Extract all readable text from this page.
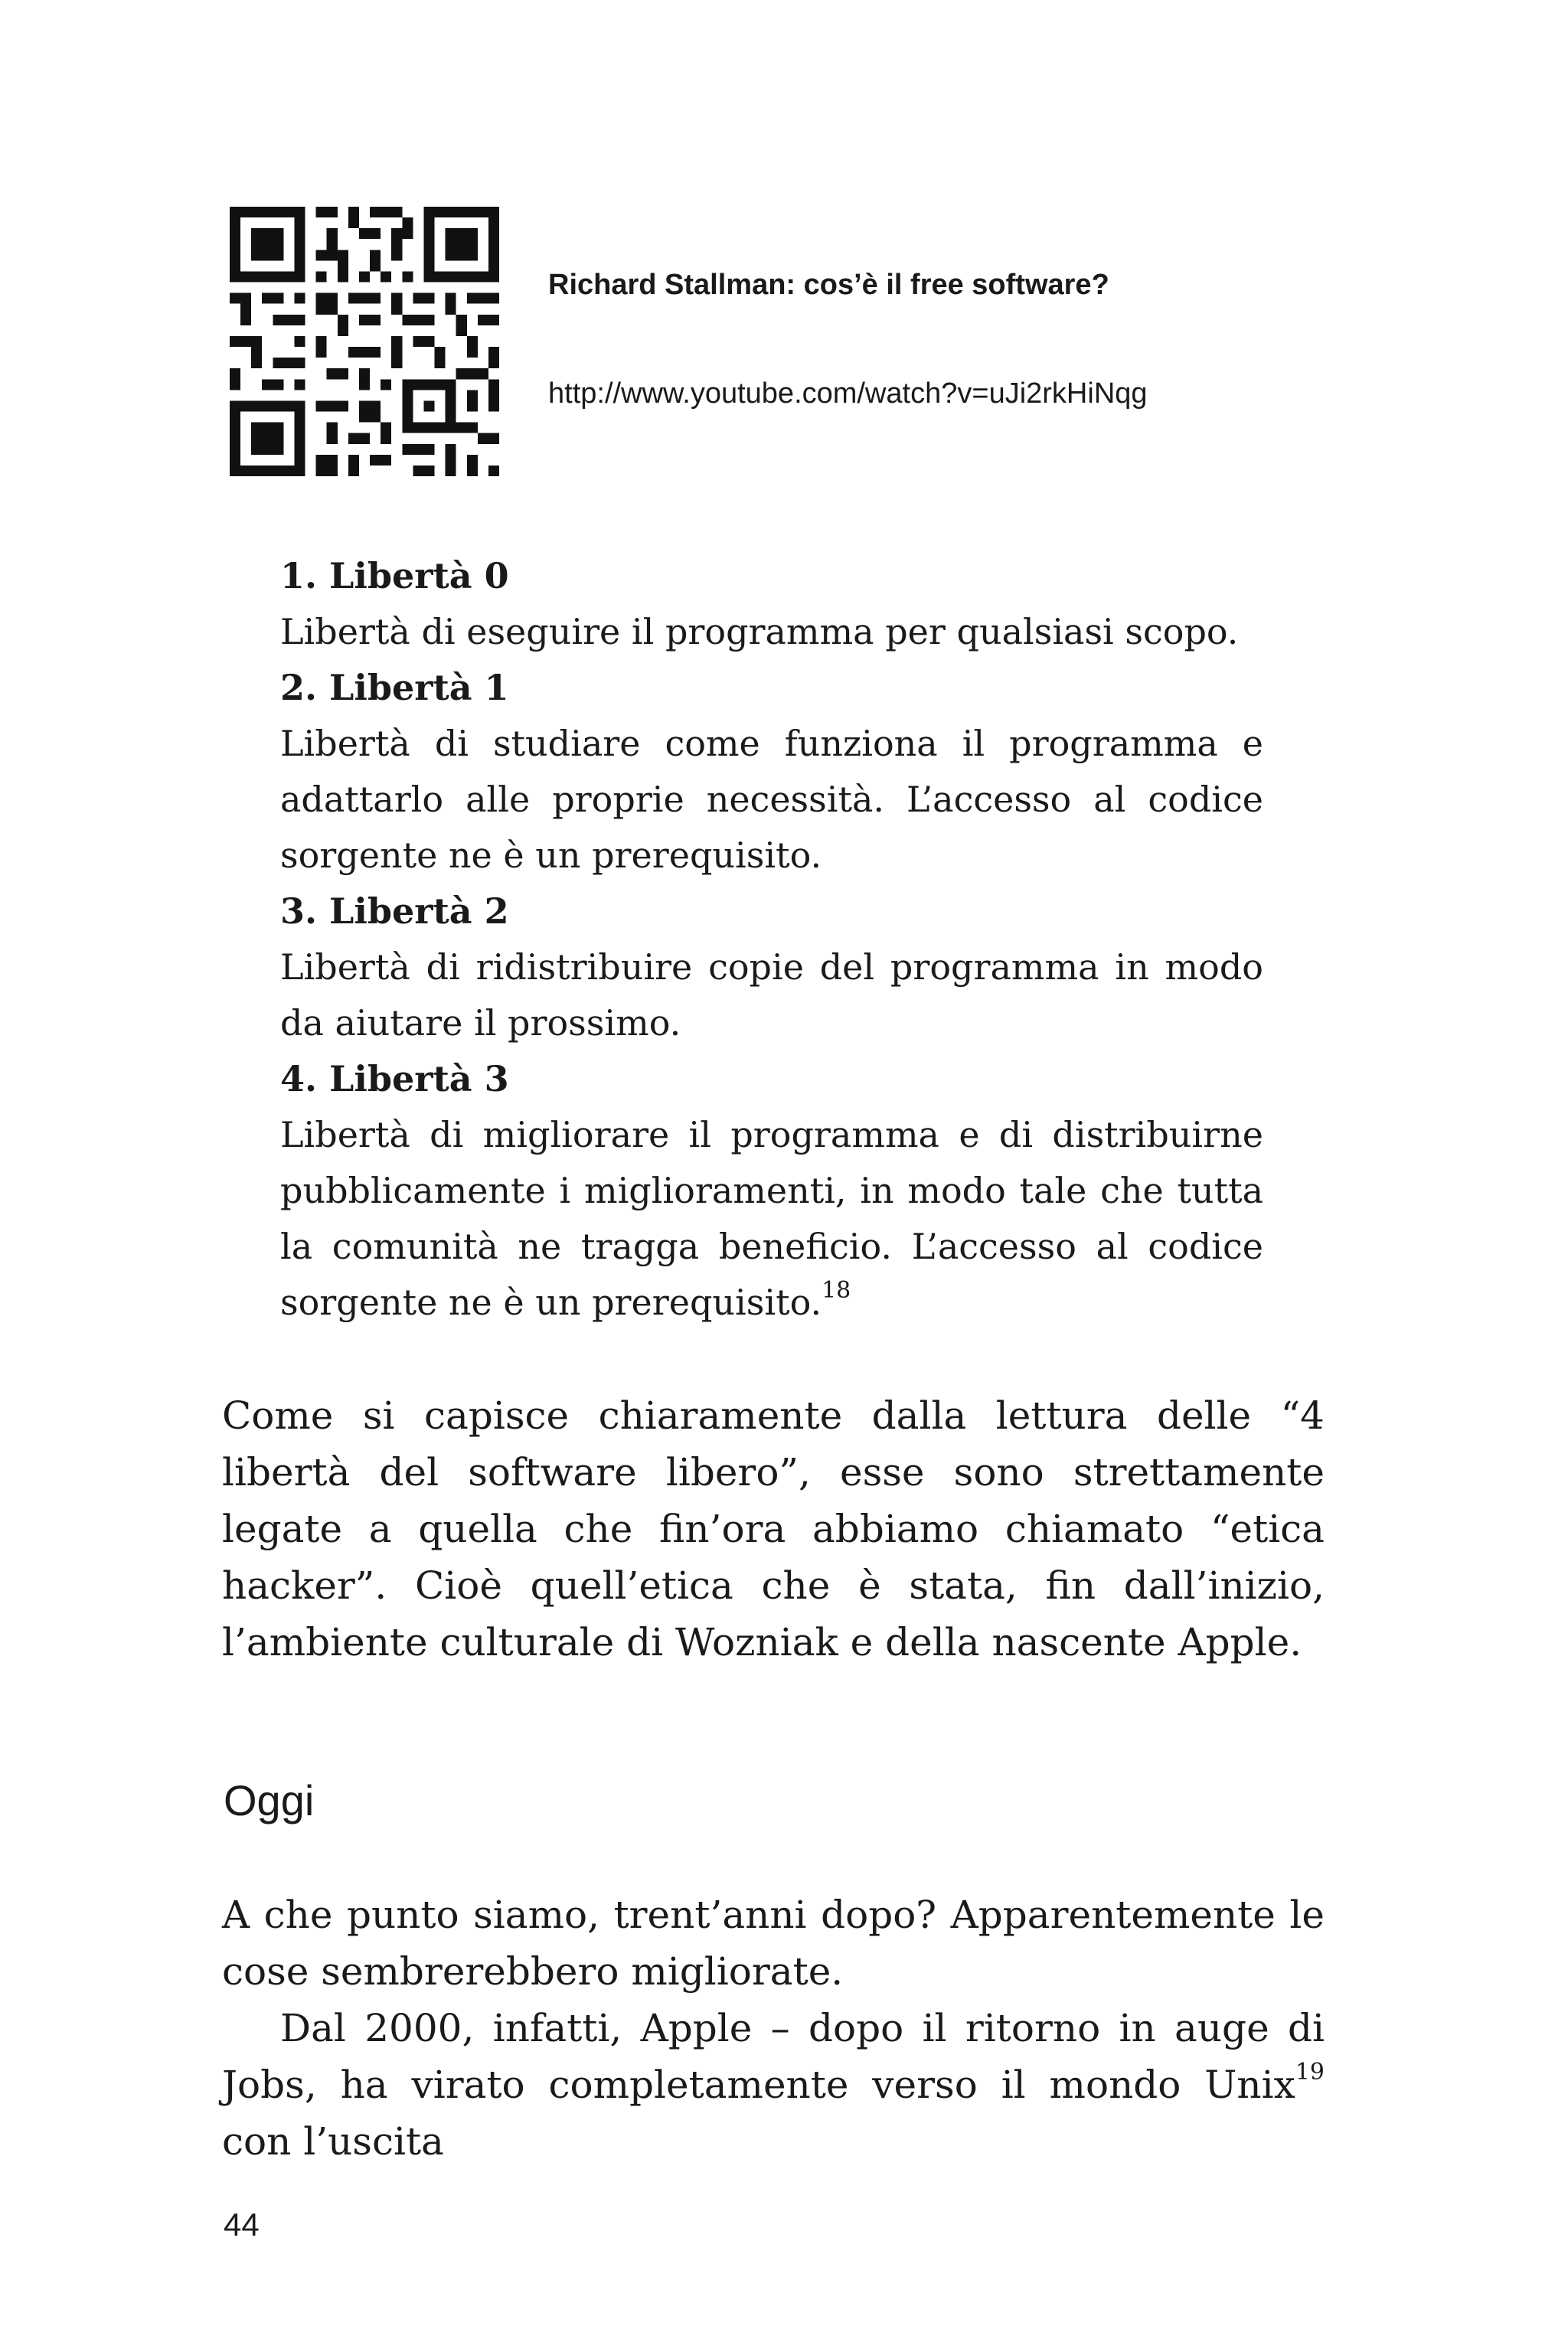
Richard Stallman: cos’è il free software?

http://www.youtube.com/watch?v=uJi2rkHiNqg

1. Libertà 0

Libertà di eseguire il programma per qualsiasi scopo.

2. Libertà 1

Libertà di studiare come funziona il programma e adattarlo alle proprie necessità. L’accesso al codice sorgente ne è un prerequisito.

3. Libertà 2

Libertà di ridistribuire copie del programma in modo da aiutare il prossimo.

4. Libertà 3

Libertà di migliorare il programma e di distribuirne pubblicamente i miglioramenti, in modo tale che tutta la comunità ne tragga beneficio. L’accesso al codice sorgente ne è un prerequisito.$^{18}$

Come si capisce chiaramente dalla lettura delle “4 libertà del software libero”, esse sono strettamente legate a quella che fin’ora abbiamo chiamato “etica hacker”. Cioè quell’etica che è stata, fin dall’inizio, l’ambiente culturale di Wozniak e della nascente Apple.

Oggi

A che punto siamo, trent’anni dopo? Apparentemente le cose sembrerebbero migliorate.

Dal 2000, infatti, Apple – dopo il ritorno in auge di Jobs, ha virato completamente verso il mondo Unix$^{19}$ con l’uscita

44
